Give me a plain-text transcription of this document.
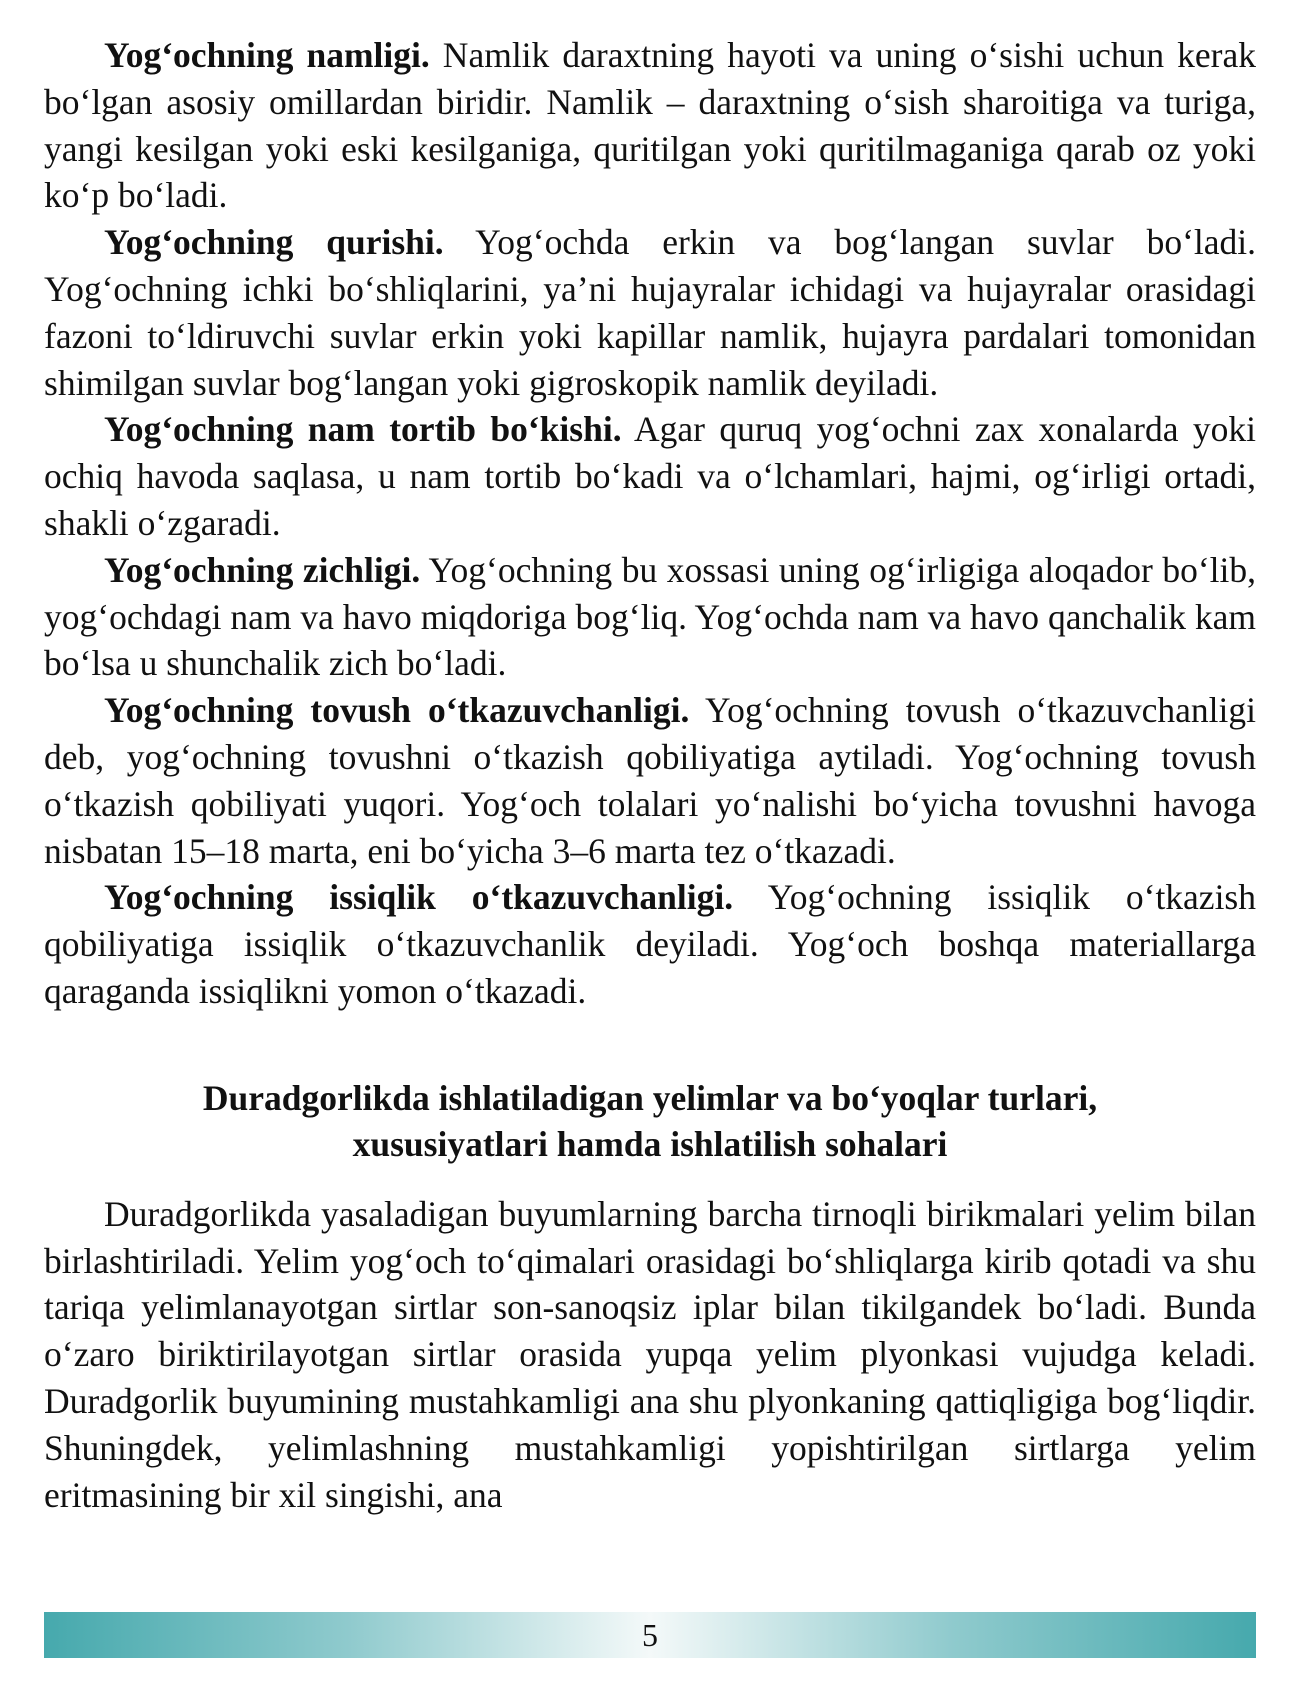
Yog‘ochning namligi. Namlik daraxtning hayoti va uning o‘sishi uchun kerak bo‘lgan asosiy omillardan biridir. Namlik – daraxtning o‘sish sharoitiga va turiga, yangi kesilgan yoki eski kesilganiga, quritilgan yoki quritilmaganiga qarab oz yoki ko‘p bo‘ladi.

Yog‘ochning qurishi. Yog‘ochda erkin va bog‘langan suvlar bo‘ladi. Yog‘ochning ichki bo‘shliqlarini, ya’ni hujayralar ichidagi va hujayralar orasidagi fazoni to‘ldiruvchi suvlar erkin yoki kapillar namlik, hujayra pardalari tomonidan shimilgan suvlar bog‘langan yoki gigroskopik namlik deyiladi.

Yog‘ochning nam tortib bo‘kishi. Agar quruq yog‘ochni zax xonalarda yoki ochiq havoda saqlasa, u nam tortib bo‘kadi va o‘lchamlari, hajmi, og‘irligi ortadi, shakli o‘zgaradi.

Yog‘ochning zichligi. Yog‘ochning bu xossasi uning og‘irligiga aloqador bo‘lib, yog‘ochdagi nam va havo miqdoriga bog‘liq. Yog‘ochda nam va havo qanchalik kam bo‘lsa u shunchalik zich bo‘ladi.

Yog‘ochning tovush o‘tkazuvchanligi. Yog‘ochning tovush o‘tkazuvchanligi deb, yog‘ochning tovushni o‘tkazish qobiliyatiga aytiladi. Yog‘ochning tovush o‘tkazish qobiliyati yuqori. Yog‘och tolalari yo‘nalishi bo‘yicha tovushni havoga nisbatan 15–18 marta, eni bo‘yicha 3–6 marta tez o‘tkazadi.

Yog‘ochning issiqlik o‘tkazuvchanligi. Yog‘ochning issiqlik o‘tkazish qobiliyatiga issiqlik o‘tkazuvchanlik deyiladi. Yog‘och boshqa materiallarga qaraganda issiqlikni yomon o‘tkazadi.

Duradgorlikda ishlatiladigan yelimlar va bo‘yoqlar turlari,
xususiyatlari hamda ishlatilish sohalari

Duradgorlikda yasaladigan buyumlarning barcha tirnoqli birikmalari yelim bilan birlashtiriladi. Yelim yog‘och to‘qimalari orasidagi bo‘shliqlarga kirib qotadi va shu tariqa yelimlanayotgan sirtlar son-sanoqsiz iplar bilan tikilgandek bo‘ladi. Bunda o‘zaro biriktirilayotgan sirtlar orasida yupqa yelim plyonkasi vujudga keladi. Duradgorlik buyumining mustahkamligi ana shu plyonkaning qattiqligiga bog‘liqdir. Shuningdek, yelimlashning mustahkamligi yopishtirilgan sirtlarga yelim eritmasining bir xil singishi, ana

5
